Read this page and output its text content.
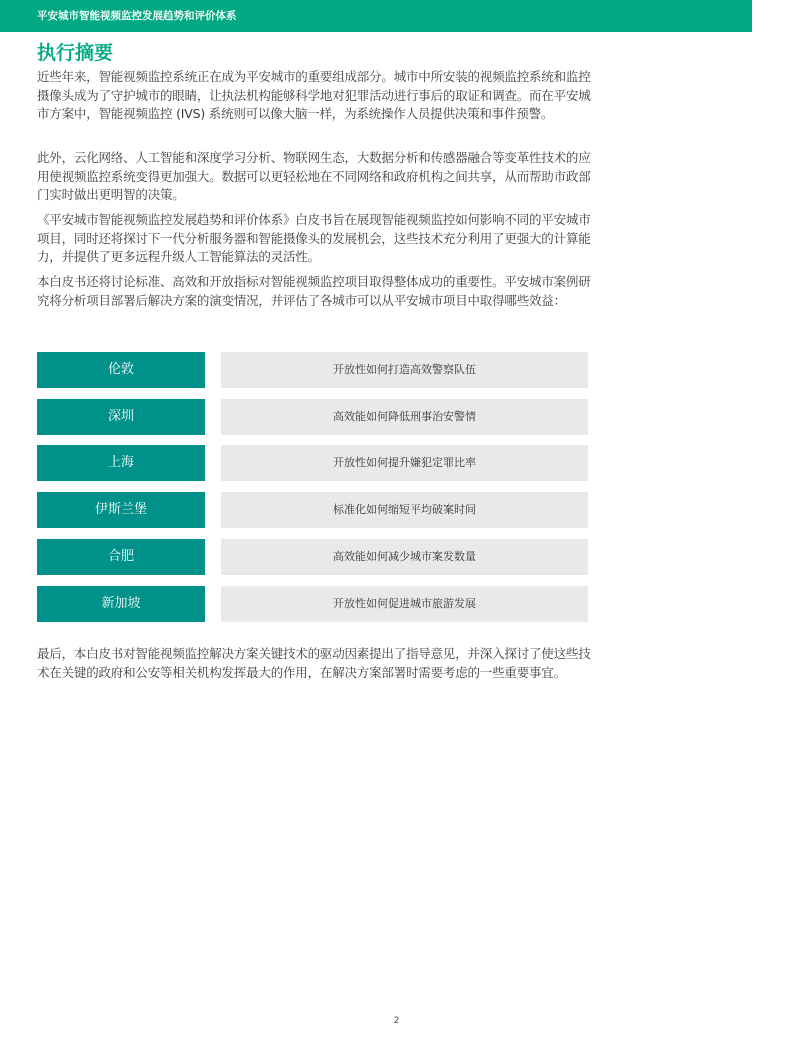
平安城市智能视频监控发展趋势和评价体系
执行摘要

近些年来，智能视频监控系统正在成为平安城市的重要组成部分。城市中所安装的视频监控系统和监控摄像头成为了守护城市的眼睛，让执法机构能够科学地对犯罪活动进行事后的取证和调查。而在平安城市方案中，智能视频监控 (IVS) 系统则可以像大脑一样，为系统操作人员提供决策和事件预警。

此外，云化网络、人工智能和深度学习分析、物联网生态，大数据分析和传感器融合等变革性技术的应用使视频监控系统变得更加强大。数据可以更轻松地在不同网络和政府机构之间共享，从而帮助市政部门实时做出更明智的决策。

《平安城市智能视频监控发展趋势和评价体系》白皮书旨在展现智能视频监控如何影响不同的平安城市项目，同时还将探讨下一代分析服务器和智能摄像头的发展机会，这些技术充分利用了更强大的计算能力，并提供了更多远程升级人工智能算法的灵活性。

本白皮书还将讨论标准、高效和开放指标对智能视频监控项目取得整体成功的重要性。平安城市案例研究将分析项目部署后解决方案的演变情况，并评估了各城市可以从平安城市项目中取得哪些效益：

伦敦	开放性如何打造高效警察队伍
深圳	高效能如何降低刑事治安警情
上海	开放性如何提升嫌犯定罪比率
伊斯兰堡	标准化如何缩短平均破案时间
合肥	高效能如何减少城市案发数量
新加坡	开放性如何促进城市旅游发展

最后，本白皮书对智能视频监控解决方案关键技术的驱动因素提出了指导意见，并深入探讨了使这些技术在关键的政府和公安等相关机构发挥最大的作用，在解决方案部署时需要考虑的一些重要事宜。

2
